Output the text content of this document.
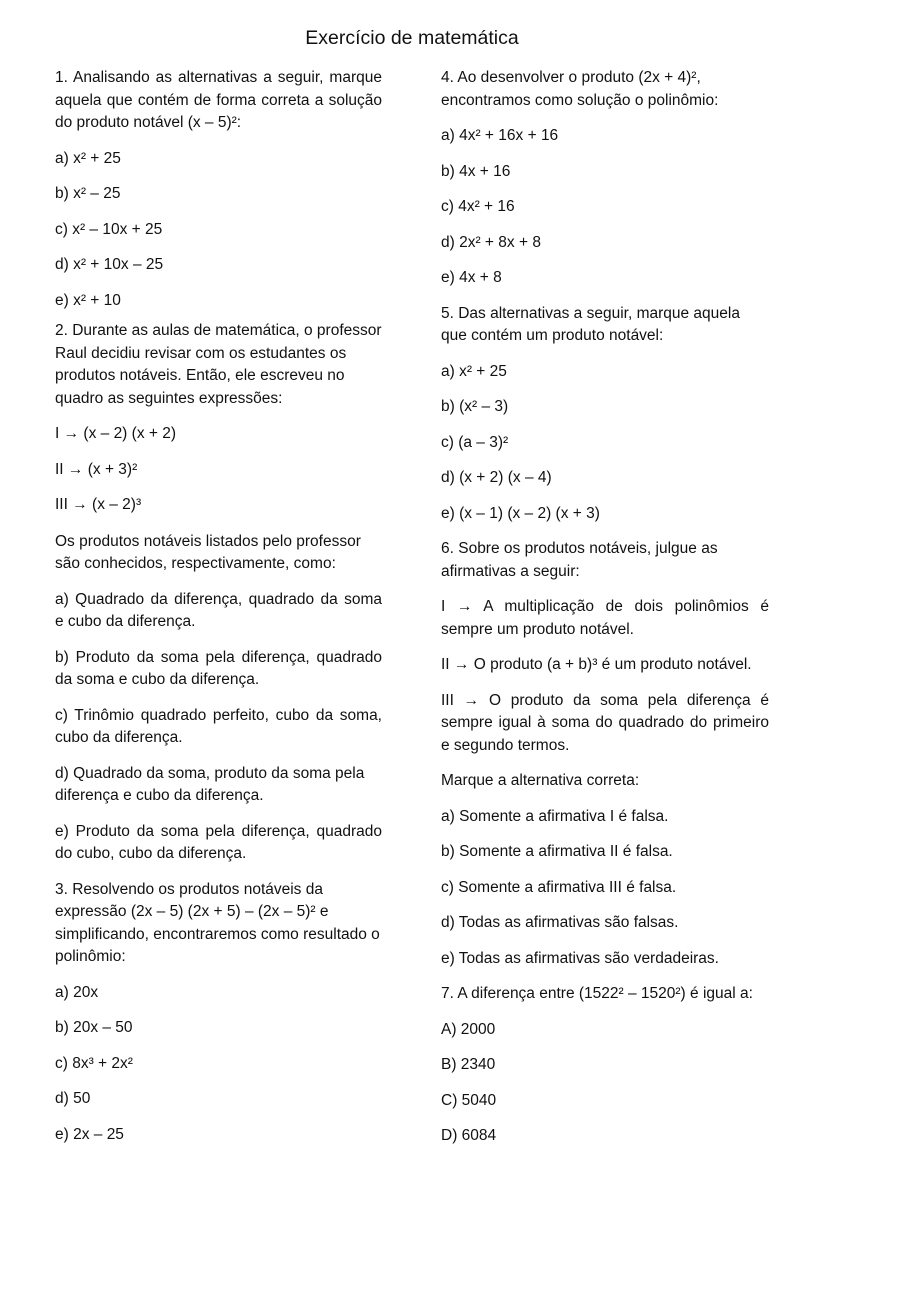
Exercício de matemática

1. Analisando as alternativas a seguir, marque aquela que contém de forma correta a solução do produto notável (x – 5)²:

a) x² + 25

b) x² – 25

c) x² – 10x + 25

d) x² + 10x – 25

e) x² + 10

2. Durante as aulas de matemática, o professor Raul decidiu revisar com os estudantes os produtos notáveis. Então, ele escreveu no quadro as seguintes expressões:

I → (x – 2) (x + 2)

II → (x + 3)²

III → (x – 2)³

Os produtos notáveis listados pelo professor são conhecidos, respectivamente, como:

a) Quadrado da diferença, quadrado da soma e cubo da diferença.

b) Produto da soma pela diferença, quadrado da soma e cubo da diferença.

c) Trinômio quadrado perfeito, cubo da soma, cubo da diferença.

d) Quadrado da soma, produto da soma pela diferença e cubo da diferença.

e) Produto da soma pela diferença, quadrado do cubo, cubo da diferença.

3. Resolvendo os produtos notáveis da expressão (2x – 5) (2x + 5) – (2x – 5)² e simplificando, encontraremos como resultado o polinômio:

a) 20x

b) 20x – 50

c) 8x³ + 2x²

d) 50

e) 2x – 25

4. Ao desenvolver o produto (2x + 4)², encontramos como solução o polinômio:

a) 4x² + 16x + 16

b) 4x + 16

c) 4x² + 16

d) 2x² + 8x + 8

e) 4x + 8

5. Das alternativas a seguir, marque aquela que contém um produto notável:

a) x² + 25

b) (x² – 3)

c) (a – 3)²

d) (x + 2) (x – 4)

e) (x – 1) (x – 2) (x + 3)

6. Sobre os produtos notáveis, julgue as afirmativas a seguir:

I → A multiplicação de dois polinômios é sempre um produto notável.

II → O produto (a + b)³ é um produto notável.

III → O produto da soma pela diferença é sempre igual à soma do quadrado do primeiro e segundo termos.

Marque a alternativa correta:

a) Somente a afirmativa I é falsa.

b) Somente a afirmativa II é falsa.

c) Somente a afirmativa III é falsa.

d) Todas as afirmativas são falsas.

e) Todas as afirmativas são verdadeiras.

7. A diferença entre (1522² – 1520²) é igual a:

A) 2000

B) 2340

C) 5040

D) 6084
